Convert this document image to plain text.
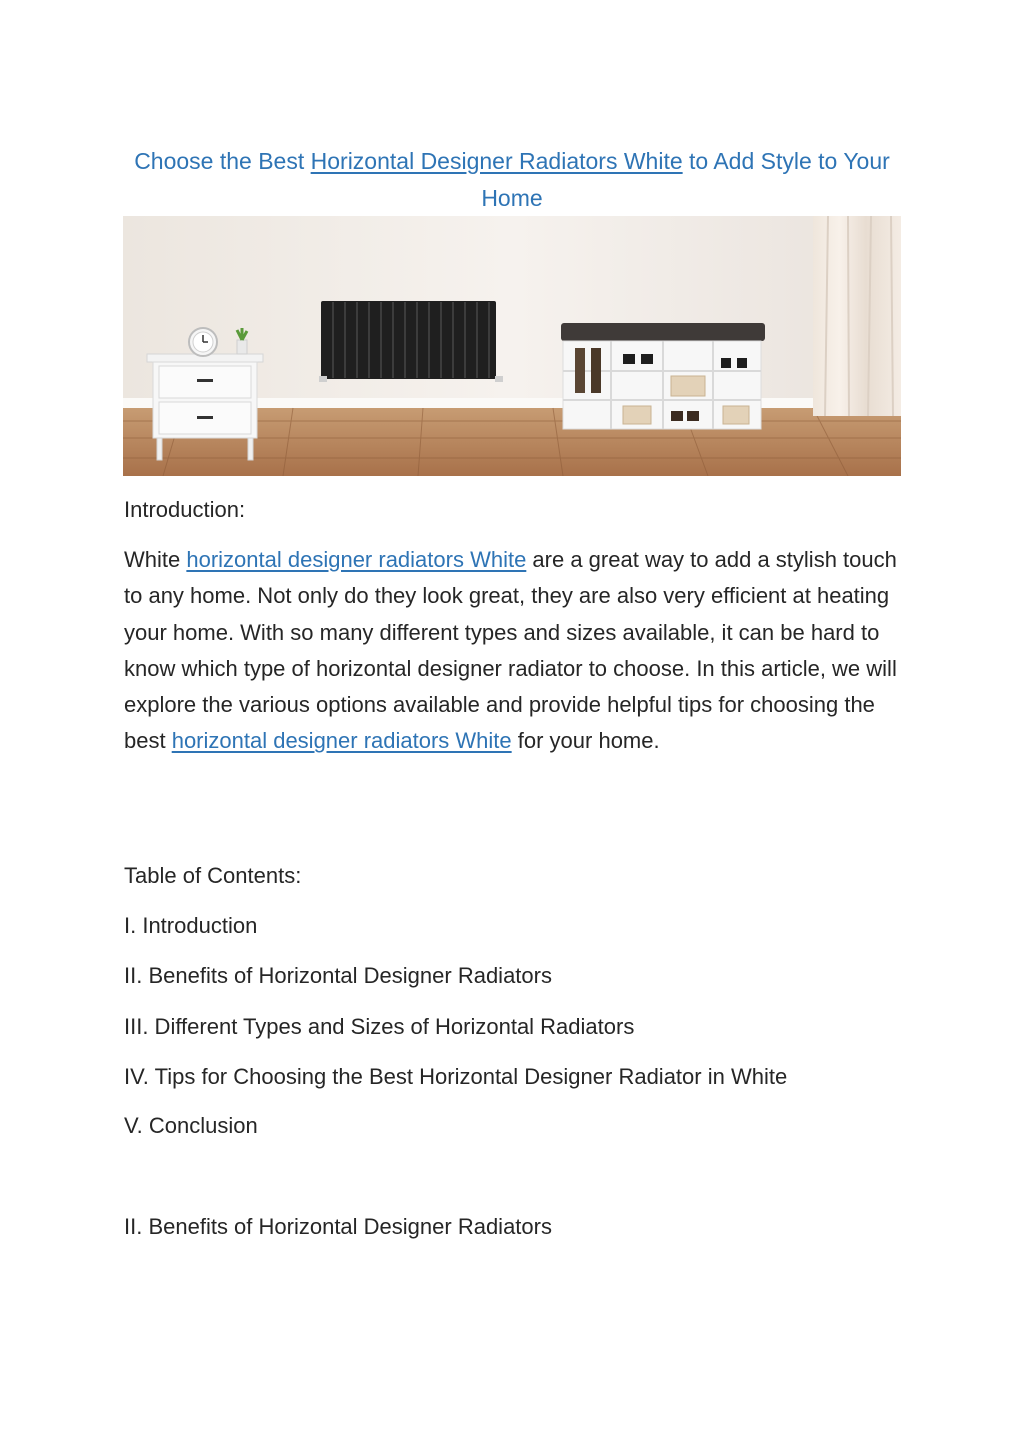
Choose the Best Horizontal Designer Radiators White to Add Style to Your Home
Introduction:
White horizontal designer radiators White are a great way to add a stylish touch to any home. Not only do they look great, they are also very efficient at heating your home. With so many different types and sizes available, it can be hard to know which type of horizontal designer radiator to choose. In this article, we will explore the various options available and provide helpful tips for choosing the best horizontal designer radiators White for your home.
Table of Contents:
I. Introduction
II. Benefits of Horizontal Designer Radiators
III. Different Types and Sizes of Horizontal Radiators
IV. Tips for Choosing the Best Horizontal Designer Radiator in White
V. Conclusion
II. Benefits of Horizontal Designer Radiators
